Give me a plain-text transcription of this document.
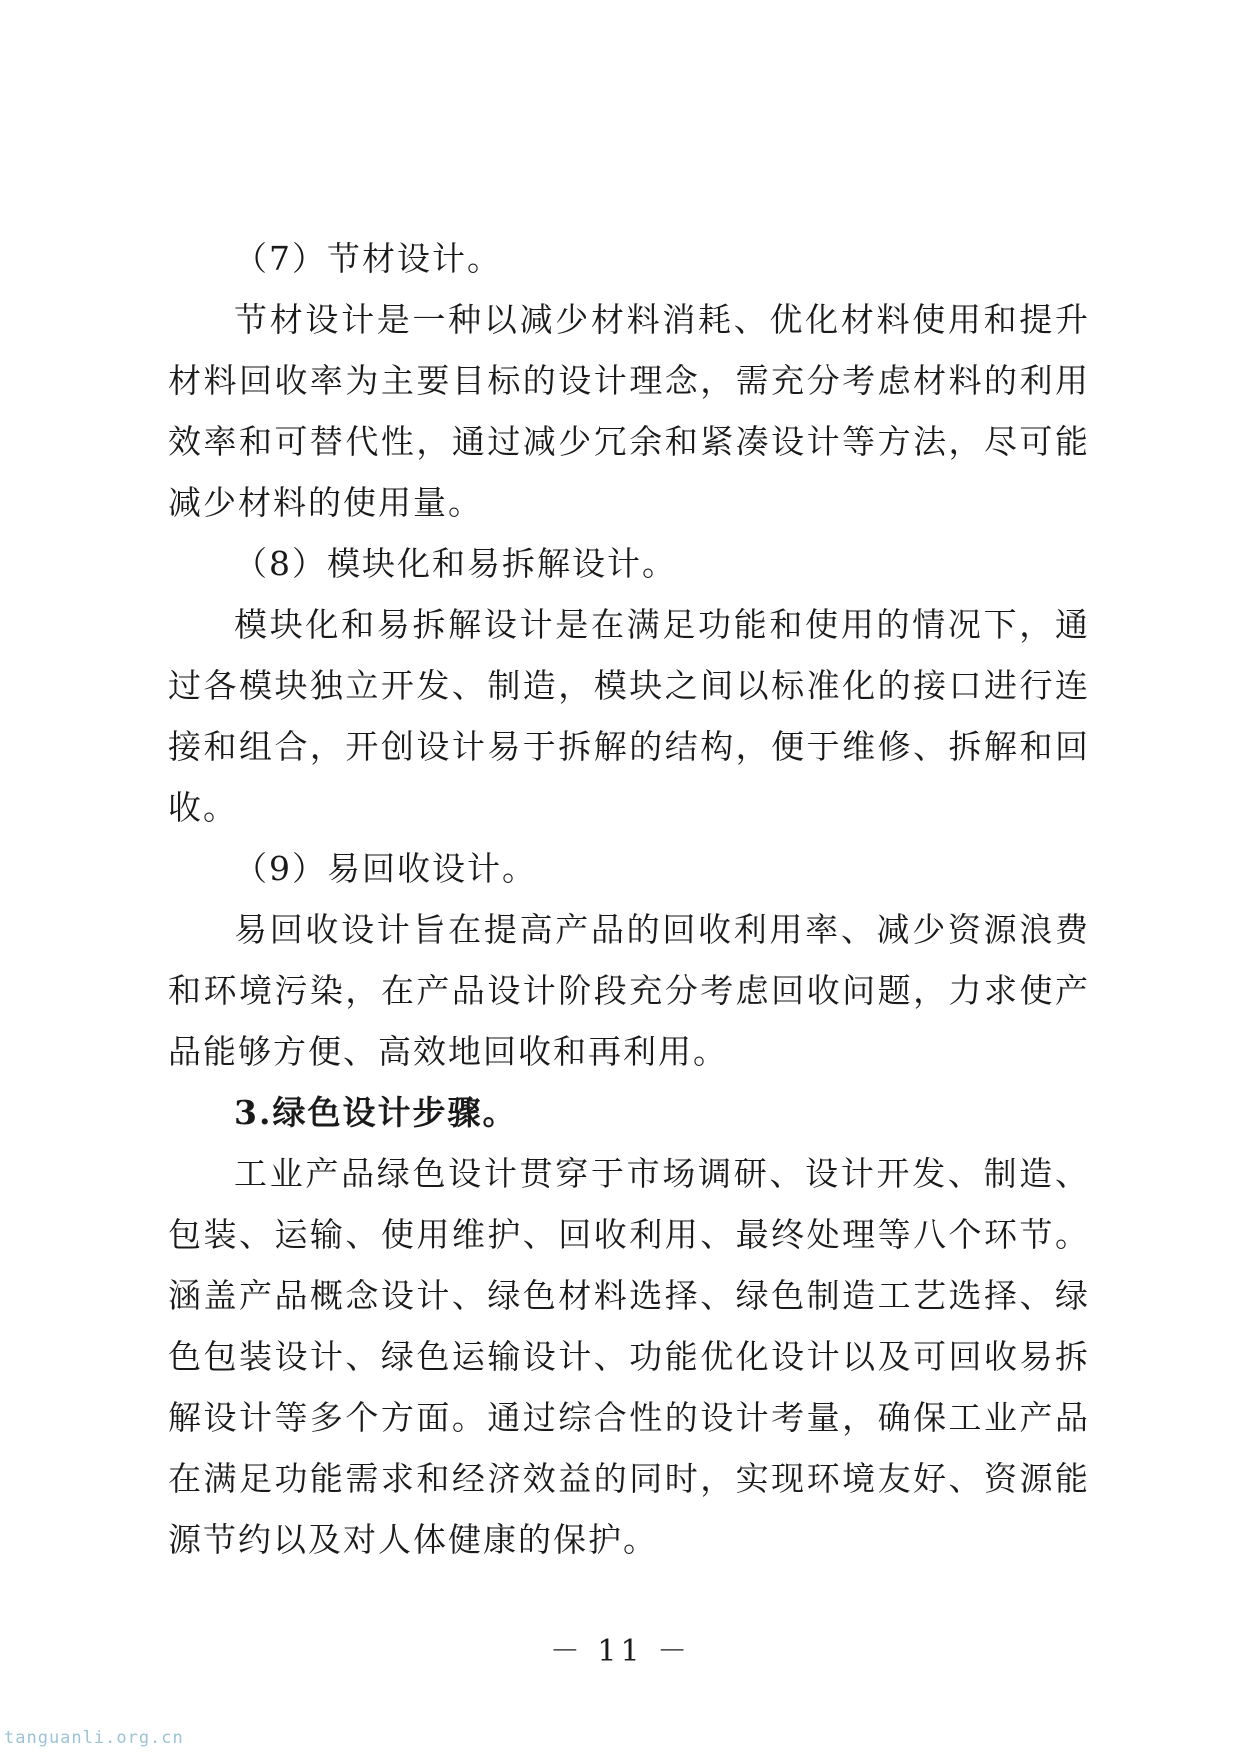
（7）节材设计。

节材设计是一种以减少材料消耗、优化材料使用和提升材料回收率为主要目标的设计理念，需充分考虑材料的利用效率和可替代性，通过减少冗余和紧凑设计等方法，尽可能减少材料的使用量。

（8）模块化和易拆解设计。

模块化和易拆解设计是在满足功能和使用的情况下，通过各模块独立开发、制造，模块之间以标准化的接口进行连接和组合，开创设计易于拆解的结构，便于维修、拆解和回收。

（9）易回收设计。

易回收设计旨在提高产品的回收利用率、减少资源浪费和环境污染，在产品设计阶段充分考虑回收问题，力求使产品能够方便、高效地回收和再利用。

3.绿色设计步骤。

工业产品绿色设计贯穿于市场调研、设计开发、制造、包装、运输、使用维护、回收利用、最终处理等八个环节。涵盖产品概念设计、绿色材料选择、绿色制造工艺选择、绿色包装设计、绿色运输设计、功能优化设计以及可回收易拆解设计等多个方面。通过综合性的设计考量，确保工业产品在满足功能需求和经济效益的同时，实现环境友好、资源能源节约以及对人体健康的保护。

－ 11 －
tanguanli.org.cn
